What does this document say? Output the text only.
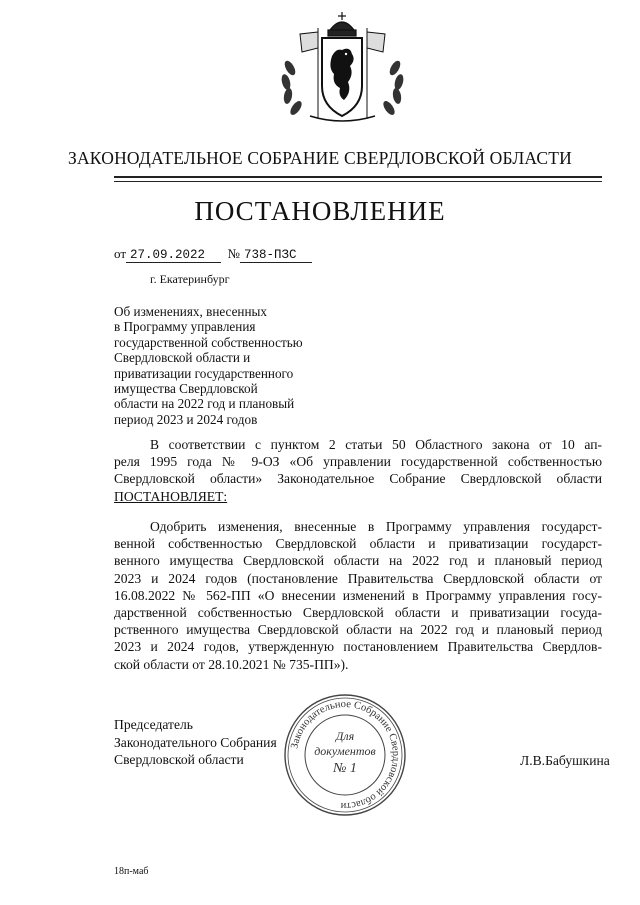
ЗАКОНОДАТЕЛЬНОЕ СОБРАНИЕ СВЕРДЛОВСКОЙ ОБЛАСТИ
ПОСТАНОВЛЕНИЕ
от 27.09.2022 № 738-ПЗС
г. Екатеринбург
Об изменениях, внесенных
в Программу управления
государственной собственностью
Свердловской области и
приватизации государственного
имущества Свердловской
области на 2022 год и плановый
период 2023 и 2024 годов
В соответствии с пунктом 2 статьи 50 Областного закона от 10 ап-
реля 1995 года № 9-ОЗ «Об управлении государственной собственностью
Свердловской области» Законодательное Собрание Свердловской области
ПОСТАНОВЛЯЕТ:
Одобрить изменения, внесенные в Программу управления государст-
венной собственностью Свердловской области и приватизации государст-
венного имущества Свердловской области на 2022 год и плановый период
2023 и 2024 годов (постановление Правительства Свердловской области от
16.08.2022 № 562-ПП «О внесении изменений в Программу управления госу-
дарственной собственностью Свердловской области и приватизации госуда-
рственного имущества Свердловской области на 2022 год и плановый период
2023 и 2024 годов, утвержденную постановлением Правительства Свердлов-
ской области от 28.10.2021 № 735-ПП»).
Председатель
Законодательного Собрания
Свердловской области
Законодательное Собрание Свердловской области
Для
документов
№ 1
Л.В.Бабушкина
18п-маб
